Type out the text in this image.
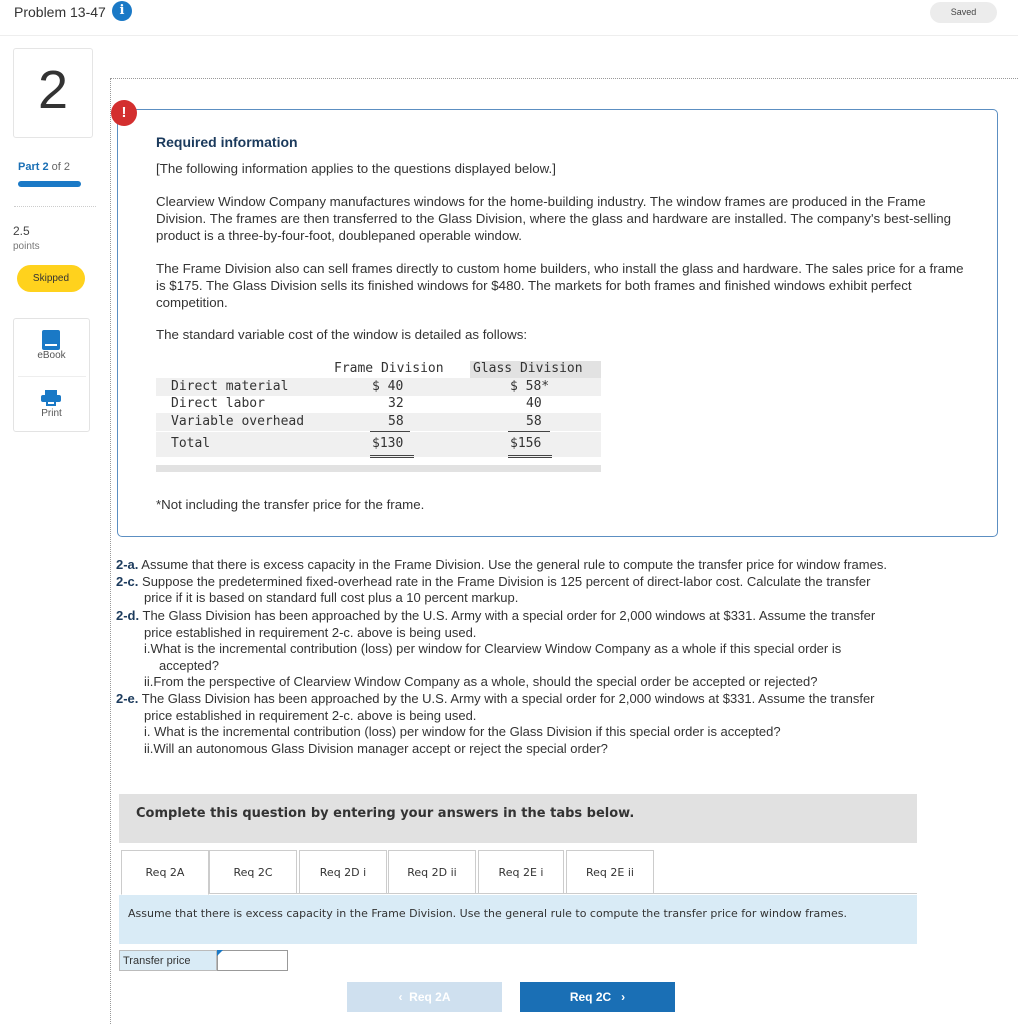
Problem 13-47	i	Saved
2
Part 2 of 2
2.5
points
Skipped
eBook
Print
!
Required information
[The following information applies to the questions displayed below.]
Clearview Window Company manufactures windows for the home-building industry. The window frames are produced in the Frame Division. The frames are then transferred to the Glass Division, where the glass and hardware are installed. The company's best-selling product is a three-by-four-foot, doublepaned operable window.
The Frame Division also can sell frames directly to custom home builders, who install the glass and hardware. The sales price for a frame is $175. The Glass Division sells its finished windows for $480. The markets for both frames and finished windows exhibit perfect competition.
The standard variable cost of the window is detailed as follows:
Frame Division Glass Division
Direct material	$ 40	$ 58*
Direct labor	32	40
Variable overhead	58	58
Total	$130	$156
*Not including the transfer price for the frame.
2-a. Assume that there is excess capacity in the Frame Division. Use the general rule to compute the transfer price for window frames.
2-c. Suppose the predetermined fixed-overhead rate in the Frame Division is 125 percent of direct-labor cost. Calculate the transfer
price if it is based on standard full cost plus a 10 percent markup.
2-d. The Glass Division has been approached by the U.S. Army with a special order for 2,000 windows at $331. Assume the transfer
price established in requirement 2-c. above is being used.
i.What is the incremental contribution (loss) per window for Clearview Window Company as a whole if this special order is
accepted?
ii.From the perspective of Clearview Window Company as a whole, should the special order be accepted or rejected?
2-e. The Glass Division has been approached by the U.S. Army with a special order for 2,000 windows at $331. Assume the transfer
price established in requirement 2-c. above is being used.
i. What is the incremental contribution (loss) per window for the Glass Division if this special order is accepted?
ii.Will an autonomous Glass Division manager accept or reject the special order?
Complete this question by entering your answers in the tabs below.
Req 2A	Req 2C	Req 2D i	Req 2D ii	Req 2E i	Req 2E ii
Assume that there is excess capacity in the Frame Division. Use the general rule to compute the transfer price for window frames.
Transfer price
‹  Req 2A	Req 2C   ›
